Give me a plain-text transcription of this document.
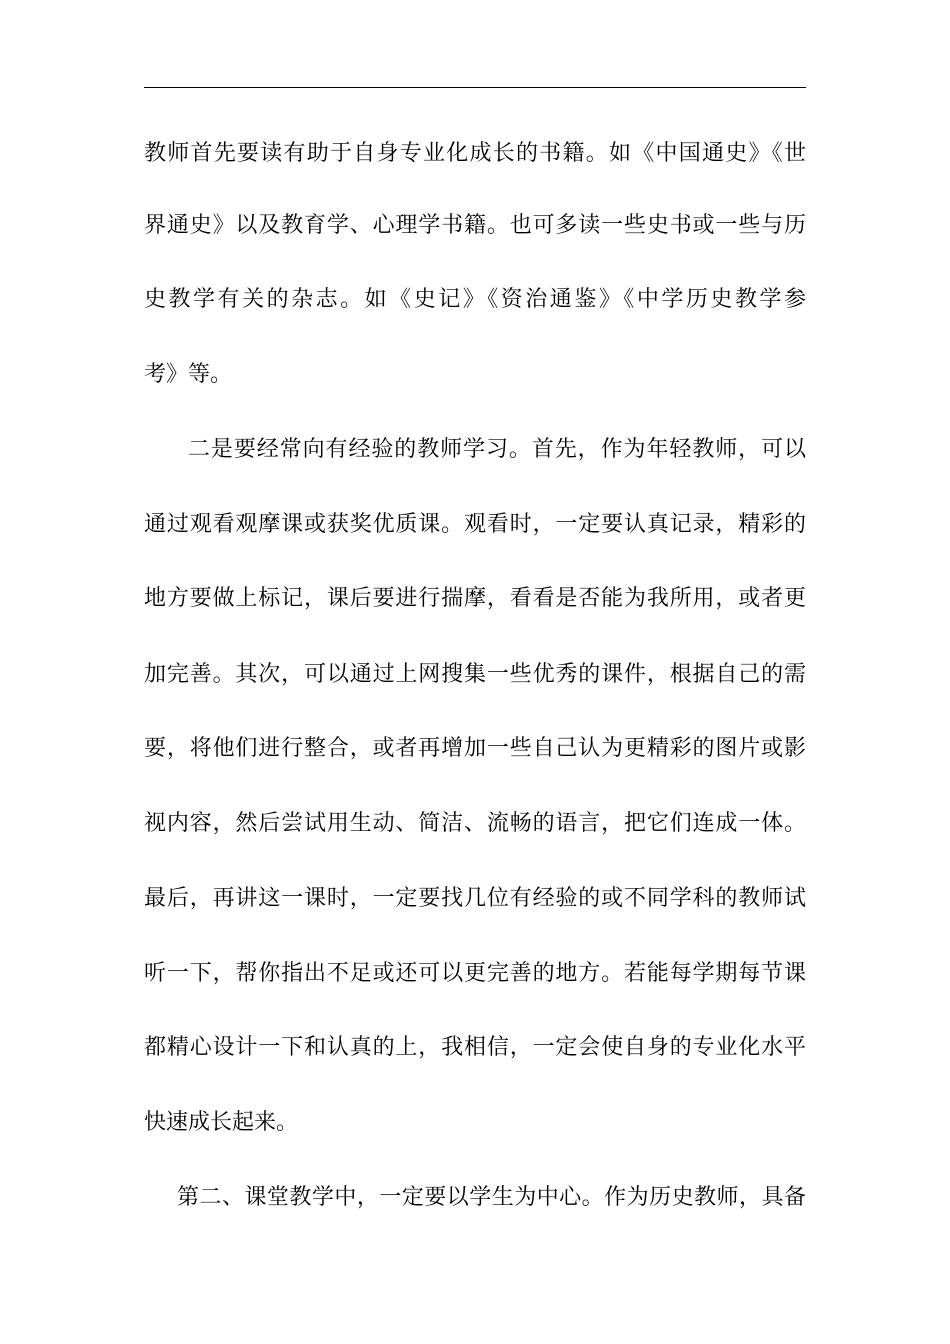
教师首先要读有助于自身专业化成长的书籍。如《中国通史》《世
界通史》以及教育学、心理学书籍。也可多读一些史书或一些与历
史教学有关的杂志。如《史记》《资治通鉴》《中学历史教学参
考》等。
二是要经常向有经验的教师学习。首先，作为年轻教师，可以
通过观看观摩课或获奖优质课。观看时，一定要认真记录，精彩的
地方要做上标记，课后要进行揣摩，看看是否能为我所用，或者更
加完善。其次，可以通过上网搜集一些优秀的课件，根据自己的需
要，将他们进行整合，或者再增加一些自己认为更精彩的图片或影
视内容，然后尝试用生动、简洁、流畅的语言，把它们连成一体。
最后，再讲这一课时，一定要找几位有经验的或不同学科的教师试
听一下，帮你指出不足或还可以更完善的地方。若能每学期每节课
都精心设计一下和认真的上，我相信，一定会使自身的专业化水平
快速成长起来。
第二、课堂教学中，一定要以学生为中心。作为历史教师，具备
